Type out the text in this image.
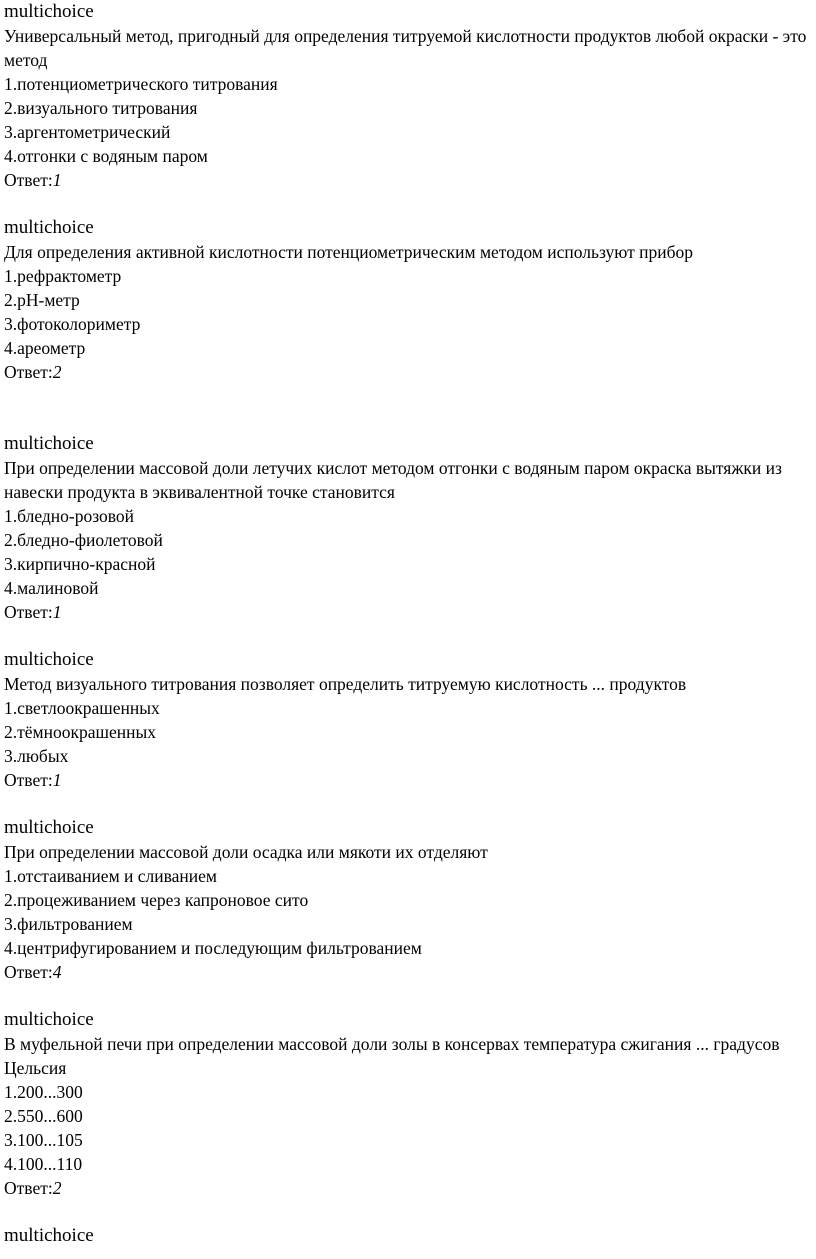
multichoice
Универсальный метод, пригодный для определения титруемой кислотности продуктов любой окраски - это метод
1.потенциометрического титрования
2.визуального титрования
3.аргентометрический
4.отгонки с водяным паром
Ответ:1
multichoice
Для определения активной кислотности потенциометрическим методом используют прибор
1.рефрактометр
2.рН-метр
3.фотоколориметр
4.ареометр
Ответ:2
multichoice
При определении массовой доли летучих кислот методом отгонки с водяным паром окраска вытяжки из навески продукта в эквивалентной точке становится
1.бледно-розовой
2.бледно-фиолетовой
3.кирпично-красной
4.малиновой
Ответ:1
multichoice
Метод визуального титрования позволяет определить титруемую кислотность ... продуктов
1.светлоокрашенных
2.тёмноокрашенных
3.любых
Ответ:1
multichoice
При определении массовой доли осадка или мякоти их отделяют
1.отстаиванием и сливанием
2.процеживанием через капроновое сито
3.фильтрованием
4.центрифугированием и последующим фильтрованием
Ответ:4
multichoice
В муфельной печи при определении массовой доли золы в консервах температура сжигания ... градусов Цельсия
1.200...300
2.550...600
3.100...105
4.100...110
Ответ:2
multichoice
